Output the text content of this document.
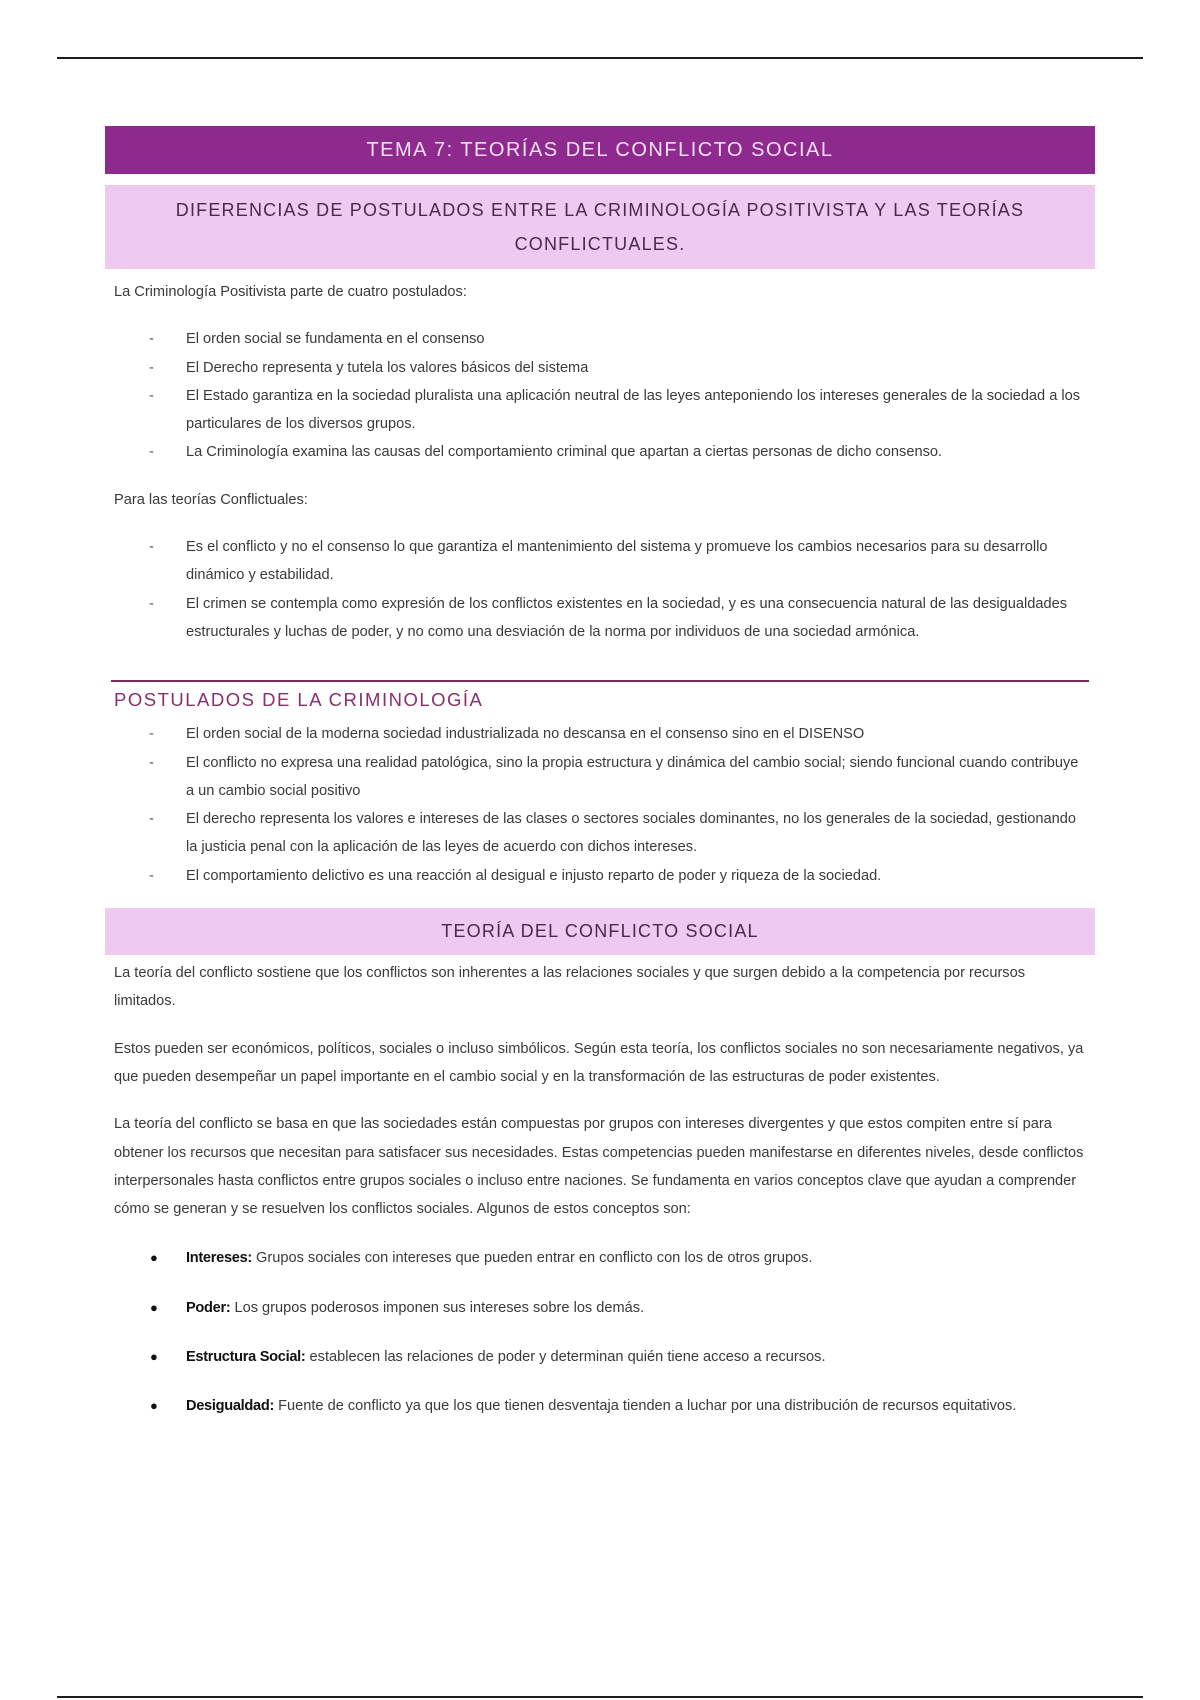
TEMA 7: TEORÍAS DEL CONFLICTO SOCIAL
DIFERENCIAS DE POSTULADOS ENTRE LA CRIMINOLOGÍA POSITIVISTA Y LAS TEORÍAS CONFLICTUALES.

La Criminología Positivista parte de cuatro postulados:

- El orden social se fundamenta en el consenso
- El Derecho representa y tutela los valores básicos del sistema
- El Estado garantiza en la sociedad pluralista una aplicación neutral de las leyes anteponiendo los intereses generales de la sociedad a los particulares de los diversos grupos.
- La Criminología examina las causas del comportamiento criminal que apartan a ciertas personas de dicho consenso.

Para las teorías Conflictuales:

- Es el conflicto y no el consenso lo que garantiza el mantenimiento del sistema y promueve los cambios necesarios para su desarrollo dinámico y estabilidad.
- El crimen se contempla como expresión de los conflictos existentes en la sociedad, y es una consecuencia natural de las desigualdades estructurales y luchas de poder, y no como una desviación de la norma por individuos de una sociedad armónica.
POSTULADOS DE LA CRIMINOLOGÍA
- El orden social de la moderna sociedad industrializada no descansa en el consenso sino en el DISENSO
- El conflicto no expresa una realidad patológica, sino la propia estructura y dinámica del cambio social; siendo funcional cuando contribuye a un cambio social positivo
- El derecho representa los valores e intereses de las clases o sectores sociales dominantes, no los generales de la sociedad, gestionando la justicia penal con la aplicación de las leyes de acuerdo con dichos intereses.
- El comportamiento delictivo es una reacción al desigual e injusto reparto de poder y riqueza de la sociedad.
TEORÍA DEL CONFLICTO SOCIAL

La teoría del conflicto sostiene que los conflictos son inherentes a las relaciones sociales y que surgen debido a la competencia por recursos limitados.

Estos pueden ser económicos, políticos, sociales o incluso simbólicos. Según esta teoría, los conflictos sociales no son necesariamente negativos, ya que pueden desempeñar un papel importante en el cambio social y en la transformación de las estructuras de poder existentes.

La teoría del conflicto se basa en que las sociedades están compuestas por grupos con intereses divergentes y que estos compiten entre sí para obtener los recursos que necesitan para satisfacer sus necesidades. Estas competencias pueden manifestarse en diferentes niveles, desde conflictos interpersonales hasta conflictos entre grupos sociales o incluso entre naciones. Se fundamenta en varios conceptos clave que ayudan a comprender cómo se generan y se resuelven los conflictos sociales. Algunos de estos conceptos son:

● Intereses: Grupos sociales con intereses que pueden entrar en conflicto con los de otros grupos.
● Poder: Los grupos poderosos imponen sus intereses sobre los demás.
● Estructura Social: establecen las relaciones de poder y determinan quién tiene acceso a recursos.
● Desigualdad: Fuente de conflicto ya que los que tienen desventaja tienden a luchar por una distribución de recursos equitativos.
